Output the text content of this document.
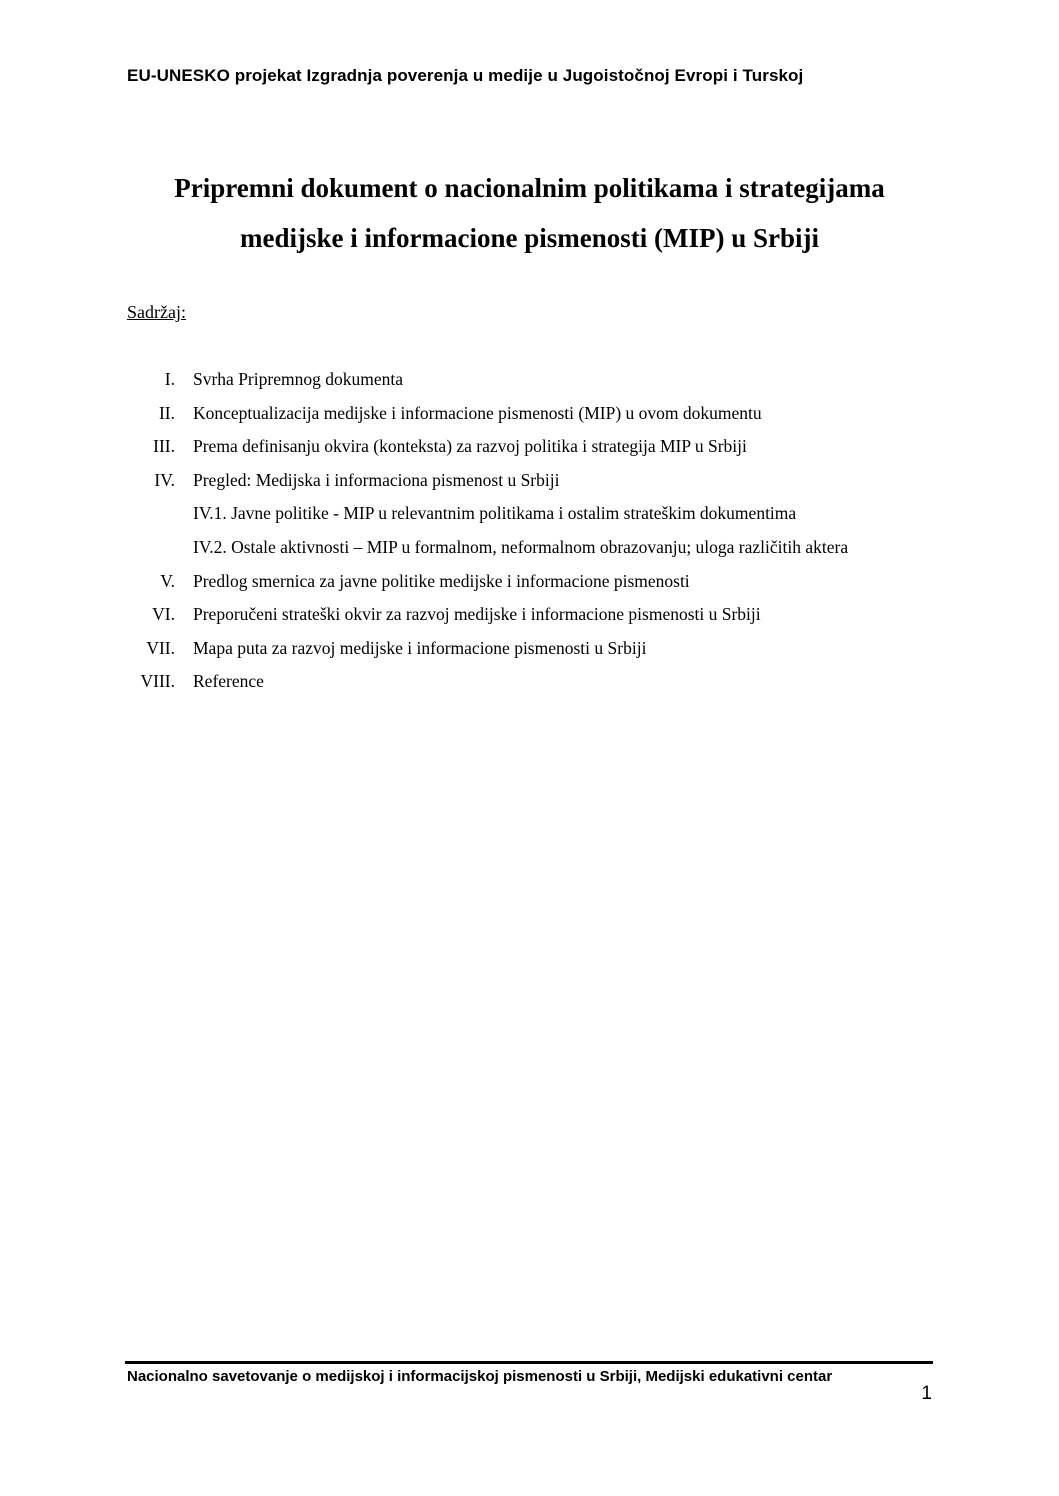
EU-UNESKO projekat Izgradnja poverenja u medije u Jugoistočnoj Evropi i Turskoj
Pripremni dokument o nacionalnim politikama i strategijama
medijske i informacione pismenosti (MIP) u Srbiji
Sadržaj:
I. Svrha Pripremnog dokumenta
II. Konceptualizacija medijske i informacione pismenosti (MIP) u ovom dokumentu
III. Prema definisanju okvira (konteksta) za razvoj politika i strategija MIP u Srbiji
IV. Pregled: Medijska i informaciona pismenost u Srbiji
IV.1. Javne politike - MIP u relevantnim politikama i ostalim strateškim dokumentima
IV.2. Ostale aktivnosti – MIP u formalnom, neformalnom obrazovanju; uloga različitih aktera
V. Predlog smernica za javne politike medijske i informacione pismenosti
VI. Preporučeni strateški okvir za razvoj medijske i informacione pismenosti u Srbiji
VII. Mapa puta za razvoj medijske i informacione pismenosti u Srbiji
VIII. Reference
Nacionalno savetovanje o medijskoj i informacijskoj pismenosti u Srbiji, Medijski edukativni centar
1
